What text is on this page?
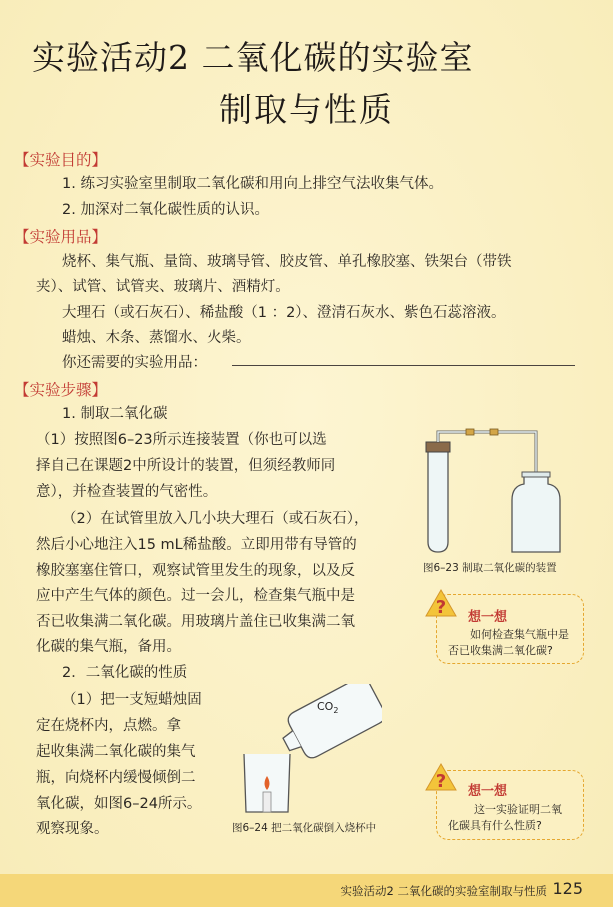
实验活动2 二氧化碳的实验室
制取与性质
【实验目的】
1. 练习实验室里制取二氧化碳和用向上排空气法收集气体。
2. 加深对二氧化碳性质的认识。
【实验用品】
烧杯、集气瓶、量筒、玻璃导管、胶皮管、单孔橡胶塞、铁架台（带铁
夹）、试管、试管夹、玻璃片、酒精灯。
大理石（或石灰石）、稀盐酸（1 ：2）、澄清石灰水、紫色石蕊溶液。
蜡烛、木条、蒸馏水、火柴。
你还需要的实验用品：
【实验步骤】
1. 制取二氧化碳
（1）按照图6–23所示连接装置（你也可以选
择自己在课题2中所设计的装置，但须经教师同
意），并检查装置的气密性。
（2）在试管里放入几小块大理石（或石灰石），
然后小心地注入15 mL稀盐酸。立即用带有导管的
橡胶塞塞住管口，观察试管里发生的现象，以及反
应中产生气体的颜色。过一会儿，检查集气瓶中是
否已收集满二氧化碳。用玻璃片盖住已收集满二氧
化碳的集气瓶，备用。
2．二氧化碳的性质
（1）把一支短蜡烛固
定在烧杯内，点燃。拿
起收集满二氧化碳的集气
瓶，向烧杯内缓慢倾倒二
氧化碳，如图6–24所示。
观察现象。
图6–23 制取二氧化碳的装置
? 想一想
如何检查集气瓶中是
否已收集满二氧化碳?
$CO_2$
图6–24 把二氧化碳倒入烧杯中
? 想一想
这一实验证明二氧
化碳具有什么性质?
实验活动2 二氧化碳的实验室制取与性质 125
